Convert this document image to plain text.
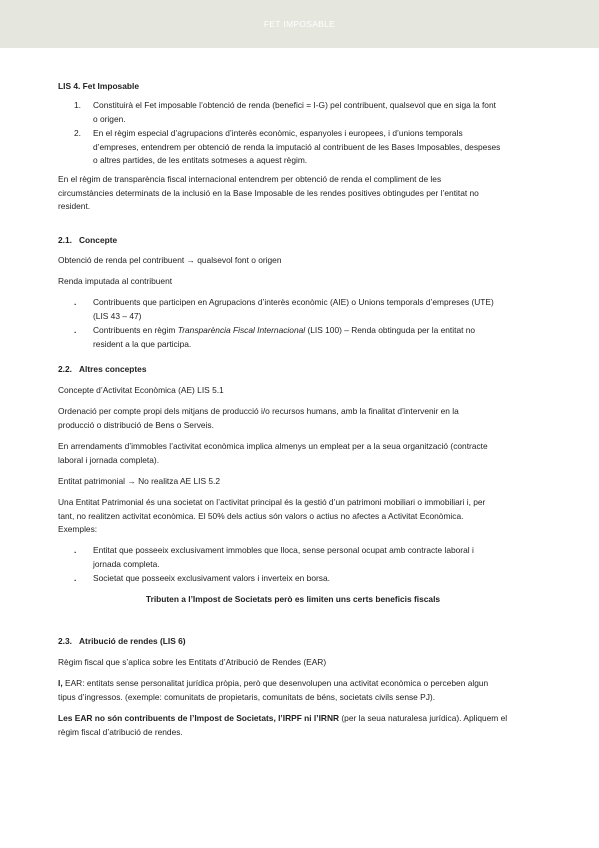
FET IMPOSABLE

LIS 4. Fet Imposable

1.	Constituirà el Fet imposable l’obtenció de renda (benefici = I-G) pel contribuent, qualsevol que en siga la font
o origen.
2.	En el règim especial d’agrupacions d’interès econòmic, espanyoles i europees, i d’unions temporals
d’empreses, entendrem per obtenció de renda la imputació al contribuent de les Bases Imposables, despeses
o altres partides, de les entitats sotmeses a aquest règim.
En el règim de transparència fiscal internacional entendrem per obtenció de renda el compliment de les
circumstàncies determinats de la inclusió en la Base Imposable de les rendes positives obtingudes per l’entitat no
resident.
2.1. Concepte
Obtenció de renda pel contribuent → qualsevol font o origen
Renda imputada al contribuent
.	Contribuents que participen en Agrupacions d’interès econòmic (AIE) o Unions temporals d’empreses (UTE)
(LIS 43 – 47)
.	Contribuents en règim Transparència Fiscal Internacional (LIS 100) – Renda obtinguda per la entitat no
resident a la que participa.
2.2. Altres conceptes
Concepte d’Activitat Econòmica (AE) LIS 5.1
Ordenació per compte propi dels mitjans de producció i/o recursos humans, amb la finalitat d’intervenir en la
producció o distribució de Bens o Serveis.
En arrendaments d’immobles l’activitat econòmica implica almenys un empleat per a la seua organització (contracte
laboral i jornada completa).
Entitat patrimonial → No realitza AE LIS 5.2
Una Entitat Patrimonial és una societat on l’activitat principal és la gestió d’un patrimoni mobiliari o immobiliari i, per
tant, no realitzen activitat econòmica. El 50% dels actius són valors o actius no afectes a Activitat Econòmica.
Exemples:
.	Entitat que posseeix exclusivament immobles que lloca, sense personal ocupat amb contracte laboral i
jornada completa.
.	Societat que posseeix exclusivament valors i inverteix en borsa.
Tributen a l’Impost de Societats però es limiten uns certs beneficis fiscals
2.3. Atribució de rendes (LIS 6)
Règim fiscal que s’aplica sobre les Entitats d’Atribució de Rendes (EAR)
I, EAR: entitats sense personalitat jurídica pròpia, però que desenvolupen una activitat econòmica o perceben algun
tipus d’ingressos. (exemple: comunitats de propietaris, comunitats de béns, societats civils sense PJ).
Les EAR no són contribuents de l’Impost de Societats, l’IRPF ni l’IRNR (per la seua naturalesa jurídica). Apliquem el
règim fiscal d’atribució de rendes.
